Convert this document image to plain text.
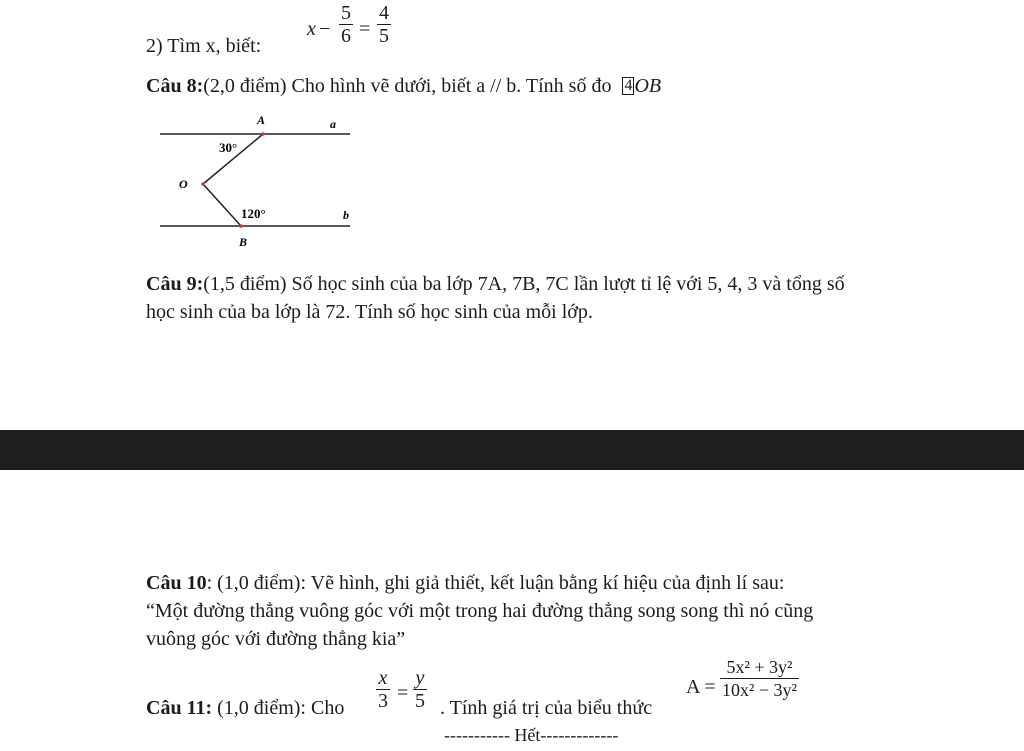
2) Tìm x, biết:
x −
5
6 =
4
5
Câu 8:(2,0 điểm) Cho hình vẽ dưới, biết a // b. Tính số đo 4 OB
A	a
30°
O
120°	b
B
Câu 9:(1,5 điểm) Số học sinh của ba lớp 7A, 7B, 7C lần lượt tỉ lệ với 5, 4, 3 và tổng số
học sinh của ba lớp là 72. Tính số học sinh của mỗi lớp.
Câu 10: (1,0 điểm): Vẽ hình, ghi giả thiết, kết luận bằng kí hiệu của định lí sau:
“Một đường thẳng vuông góc với một trong hai đường thẳng song song thì nó cũng
vuông góc với đường thẳng kia”
Câu 11: (1,0 điểm): Cho
x
3 =
y
5 . Tính giá trị của biểu thức
A =
5x² + 3y²
10x² − 3y²
----------- Hết-------------
